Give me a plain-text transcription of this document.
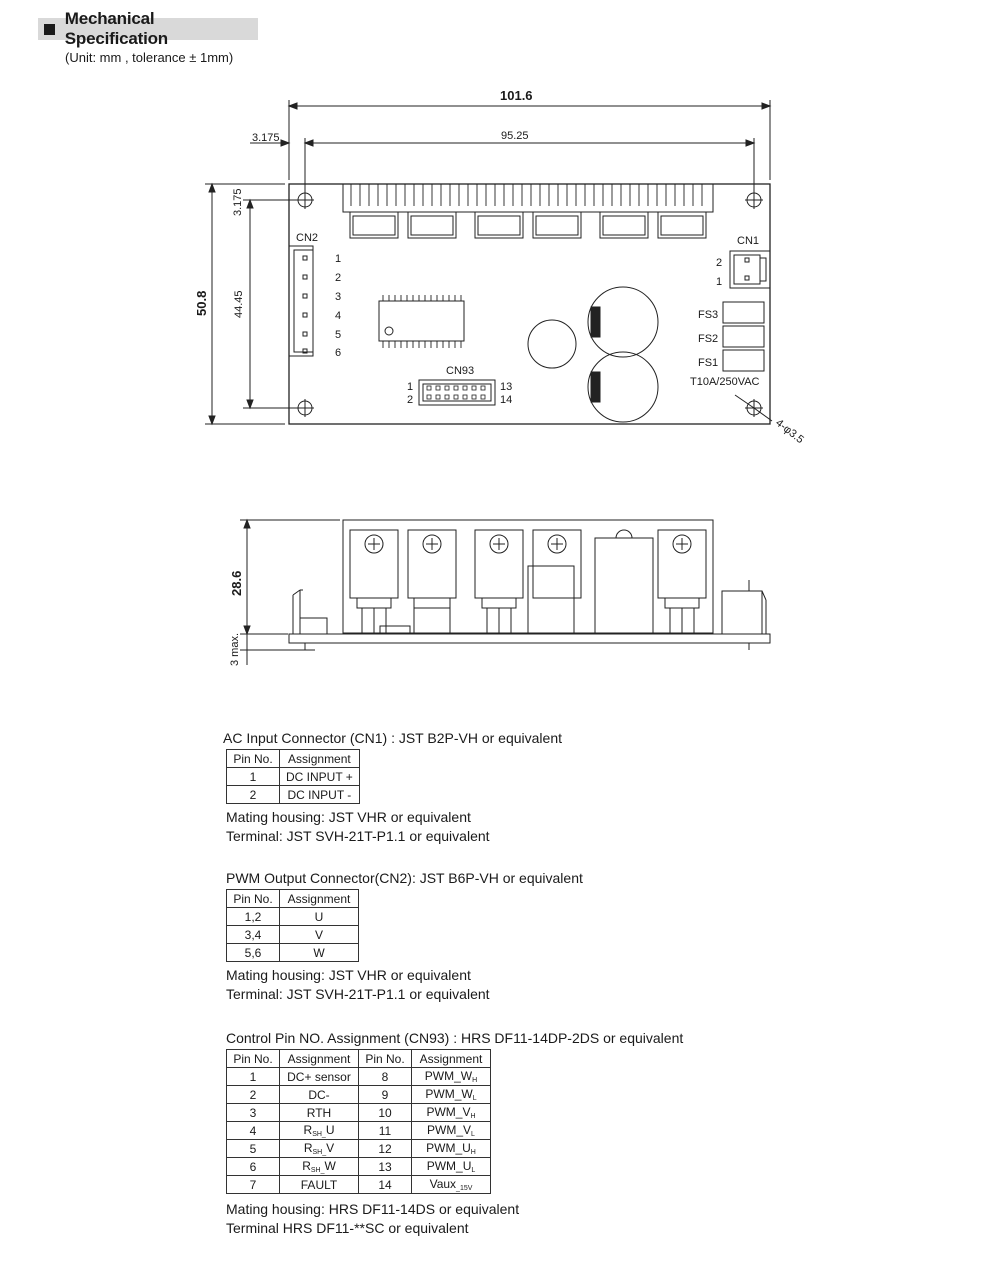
Mechanical Specification
(Unit: mm , tolerance ± 1mm)
101.6
95.25
3.175
3.175
50.8 44.45
4-φ3.5
CN2
1
2
3
4
5
6
CN1
2
1
FS3
FS2
FS1
T10A/250VAC
CN93
1
2
13
14
28.6
3 max.
AC Input Connector (CN1) : JST B2P-VH or equivalent
Pin No.	Assignment
1	DC INPUT +
2	DC INPUT -
Mating housing: JST VHR or equivalent
Terminal: JST SVH-21T-P1.1 or equivalent
PWM Output Connector(CN2): JST B6P-VH or equivalent
Pin No.	Assignment
1,2	U
3,4	V
5,6	W
Mating housing: JST VHR or equivalent
Terminal: JST SVH-21T-P1.1 or equivalent
Control Pin NO. Assignment (CN93) : HRS DF11-14DP-2DS or equivalent
Pin No.	Assignment	Pin No.	Assignment
1	DC+ sensor	8	$PWM\_W_H$
2	DC-	9	$PWM\_W_L$
3	RTH	10	$PWM\_V_H$
4	$R_{SH\_}U$	11	$PWM\_V_L$
5	$R_{SH\_}V$	12	$PWM\_U_H$
6	$R_{SH\_}W$	13	$PWM\_U_L$
7	FAULT	14	Vaux$_{\_15V}$
Mating housing: HRS DF11-14DS or equivalent
Terminal HRS DF11-**SC or equivalent
